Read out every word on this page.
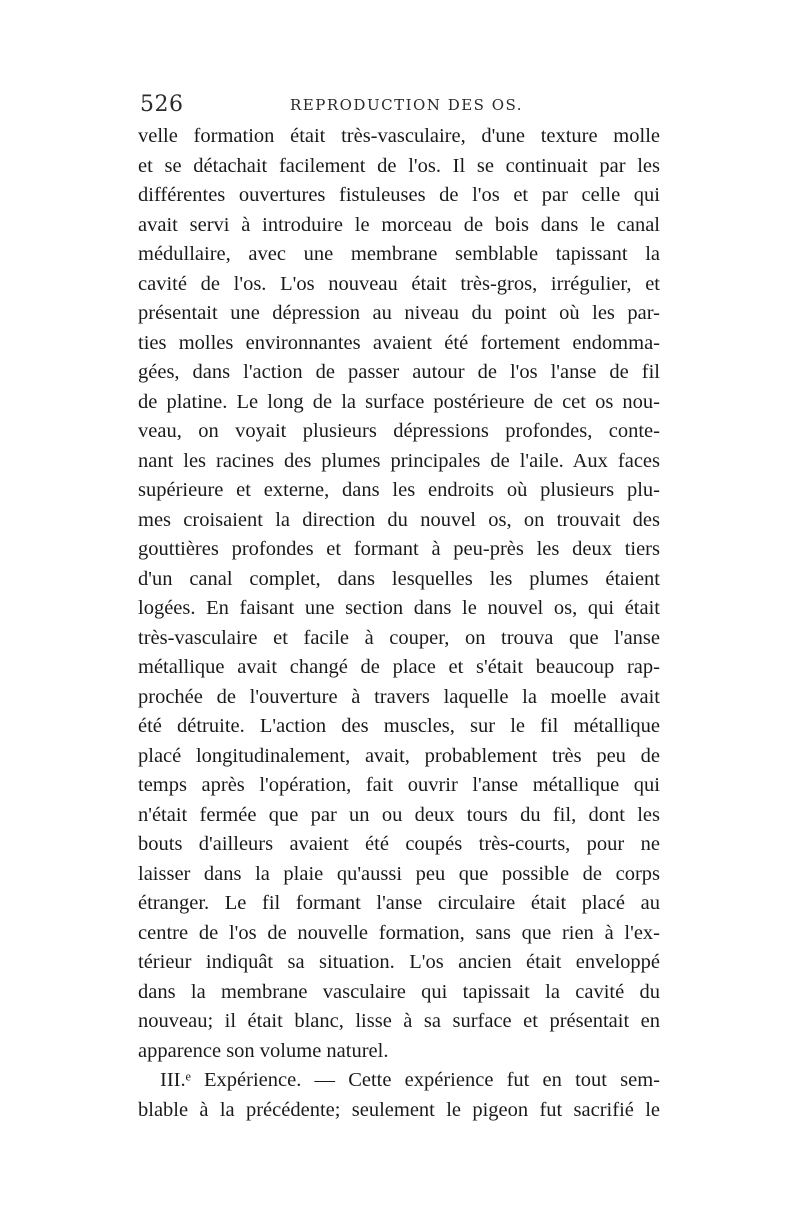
526	REPRODUCTION DES OS.
velle formation était très-vasculaire, d'une texture molle
et se détachait facilement de l'os. Il se continuait par les
différentes ouvertures fistuleuses de l'os et par celle qui
avait servi à introduire le morceau de bois dans le canal
médullaire, avec une membrane semblable tapissant la
cavité de l'os. L'os nouveau était très-gros, irrégulier, et
présentait une dépression au niveau du point où les par-
ties molles environnantes avaient été fortement endomma-
gées, dans l'action de passer autour de l'os l'anse de fil
de platine. Le long de la surface postérieure de cet os nou-
veau, on voyait plusieurs dépressions profondes, conte-
nant les racines des plumes principales de l'aile. Aux faces
supérieure et externe, dans les endroits où plusieurs plu-
mes croisaient la direction du nouvel os, on trouvait des
gouttières profondes et formant à peu-près les deux tiers
d'un canal complet, dans lesquelles les plumes étaient
logées. En faisant une section dans le nouvel os, qui était
très-vasculaire et facile à couper, on trouva que l'anse
métallique avait changé de place et s'était beaucoup rap-
prochée de l'ouverture à travers laquelle la moelle avait
été détruite. L'action des muscles, sur le fil métallique
placé longitudinalement, avait, probablement très peu de
temps après l'opération, fait ouvrir l'anse métallique qui
n'était fermée que par un ou deux tours du fil, dont les
bouts d'ailleurs avaient été coupés très-courts, pour ne
laisser dans la plaie qu'aussi peu que possible de corps
étranger. Le fil formant l'anse circulaire était placé au
centre de l'os de nouvelle formation, sans que rien à l'ex-
térieur indiquât sa situation. L'os ancien était enveloppé
dans la membrane vasculaire qui tapissait la cavité du
nouveau; il était blanc, lisse à sa surface et présentait en
apparence son volume naturel.
III.ᵉ Expérience. — Cette expérience fut en tout sem-
blable à la précédente; seulement le pigeon fut sacrifié le
